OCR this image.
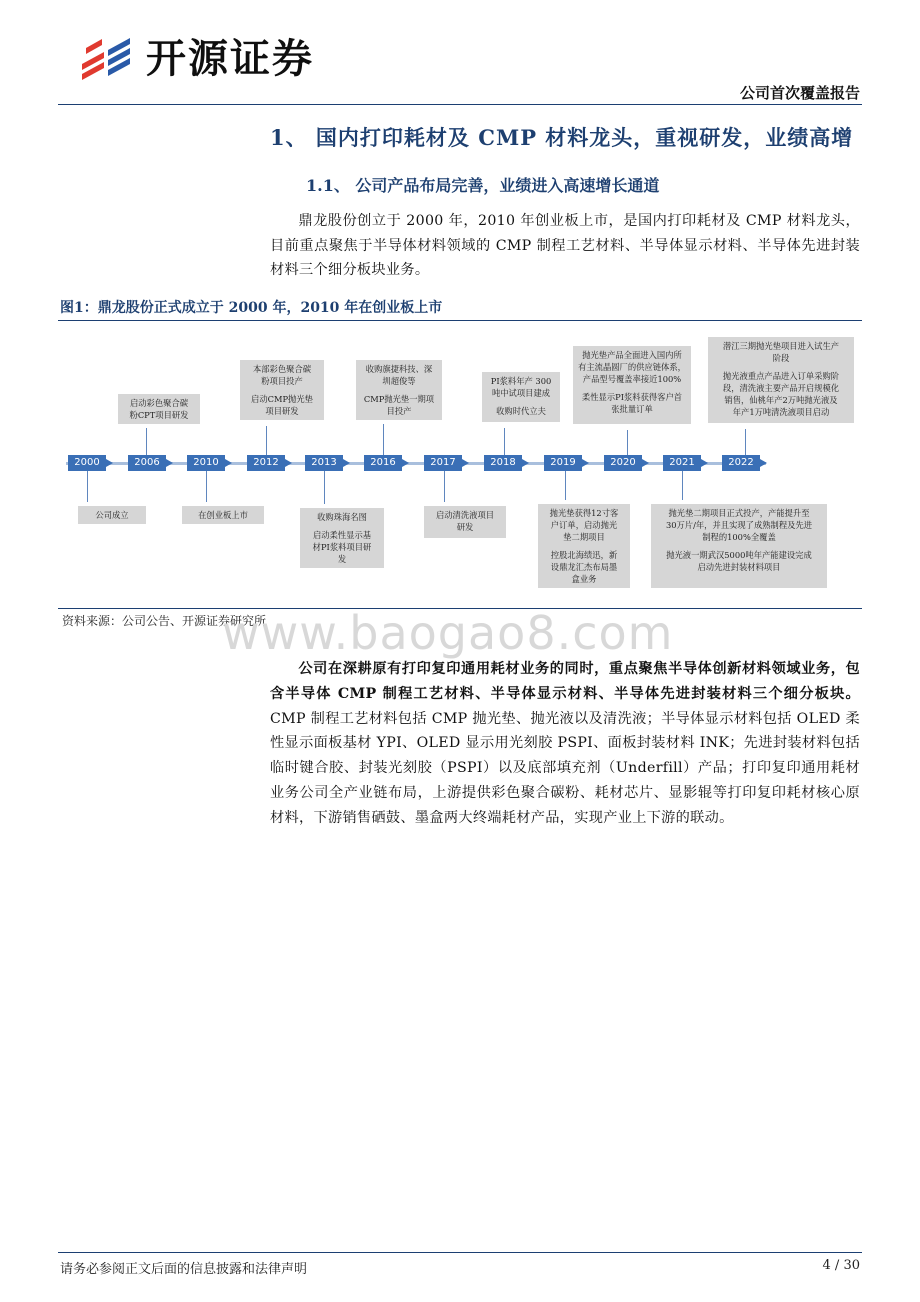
开源证券
公司首次覆盖报告
1、 国内打印耗材及 CMP 材料龙头，重视研发，业绩高增
1.1、 公司产品布局完善，业绩进入高速增长通道
鼎龙股份创立于 2000 年，2010 年创业板上市，是国内打印耗材及 CMP 材料龙头，目前重点聚焦于半导体材料领域的 CMP 制程工艺材料、半导体显示材料、半导体先进封装材料三个细分板块业务。
图1：鼎龙股份正式成立于 2000 年，2010 年在创业板上市
2000	2006	2010	2012	2013	2016	2017	2018	2019	2020	2021	2022
公司成立
启动彩色聚合碳
粉CPT项目研发
在创业板上市
本部彩色聚合碳
粉项目投产
启动CMP抛光垫
项目研发
收购珠海名图
启动柔性显示基
材PI浆料项目研
发
收购旗捷科技、深
圳超俊等
CMP抛光垫一期项
目投产
启动清洗液项目
研发
PI浆料年产 300
吨中试项目建成
收购时代立夫
抛光垫获得12寸客
户订单，启动抛光
垫二期项目
控股北海绩迅，新
设鼎龙汇杰布局墨
盒业务
抛光垫产品全面进入国内所
有主流晶圆厂的供应链体系，
产品型号覆盖率接近100%
柔性显示PI浆料获得客户首
张批量订单
抛光垫二期项目正式投产，产能提升至
30万片/年，并且实现了成熟制程及先进
制程的100%全覆盖
抛光液一期武汉5000吨年产能建设完成
启动先进封装材料项目
潜江三期抛光垫项目进入试生产
阶段
抛光液重点产品进入订单采购阶
段，清洗液主要产品开启规模化
销售，仙桃年产2万吨抛光液及
年产1万吨清洗液项目启动
资料来源：公司公告、开源证券研究所
www.baogao8.com
公司在深耕原有打印复印通用耗材业务的同时，重点聚焦半导体创新材料领域业务，包含半导体 CMP 制程工艺材料、半导体显示材料、半导体先进封装材料三个细分板块。CMP 制程工艺材料包括 CMP 抛光垫、抛光液以及清洗液；半导体显示材料包括 OLED 柔性显示面板基材 YPI、OLED 显示用光刻胶 PSPI、面板封装材料 INK；先进封装材料包括临时键合胶、封装光刻胶（PSPI）以及底部填充剂（Underfill）产品；打印复印通用耗材业务公司全产业链布局，上游提供彩色聚合碳粉、耗材芯片、显影辊等打印复印耗材核心原材料，下游销售硒鼓、墨盒两大终端耗材产品，实现产业上下游的联动。
请务必参阅正文后面的信息披露和法律声明	4 / 30
